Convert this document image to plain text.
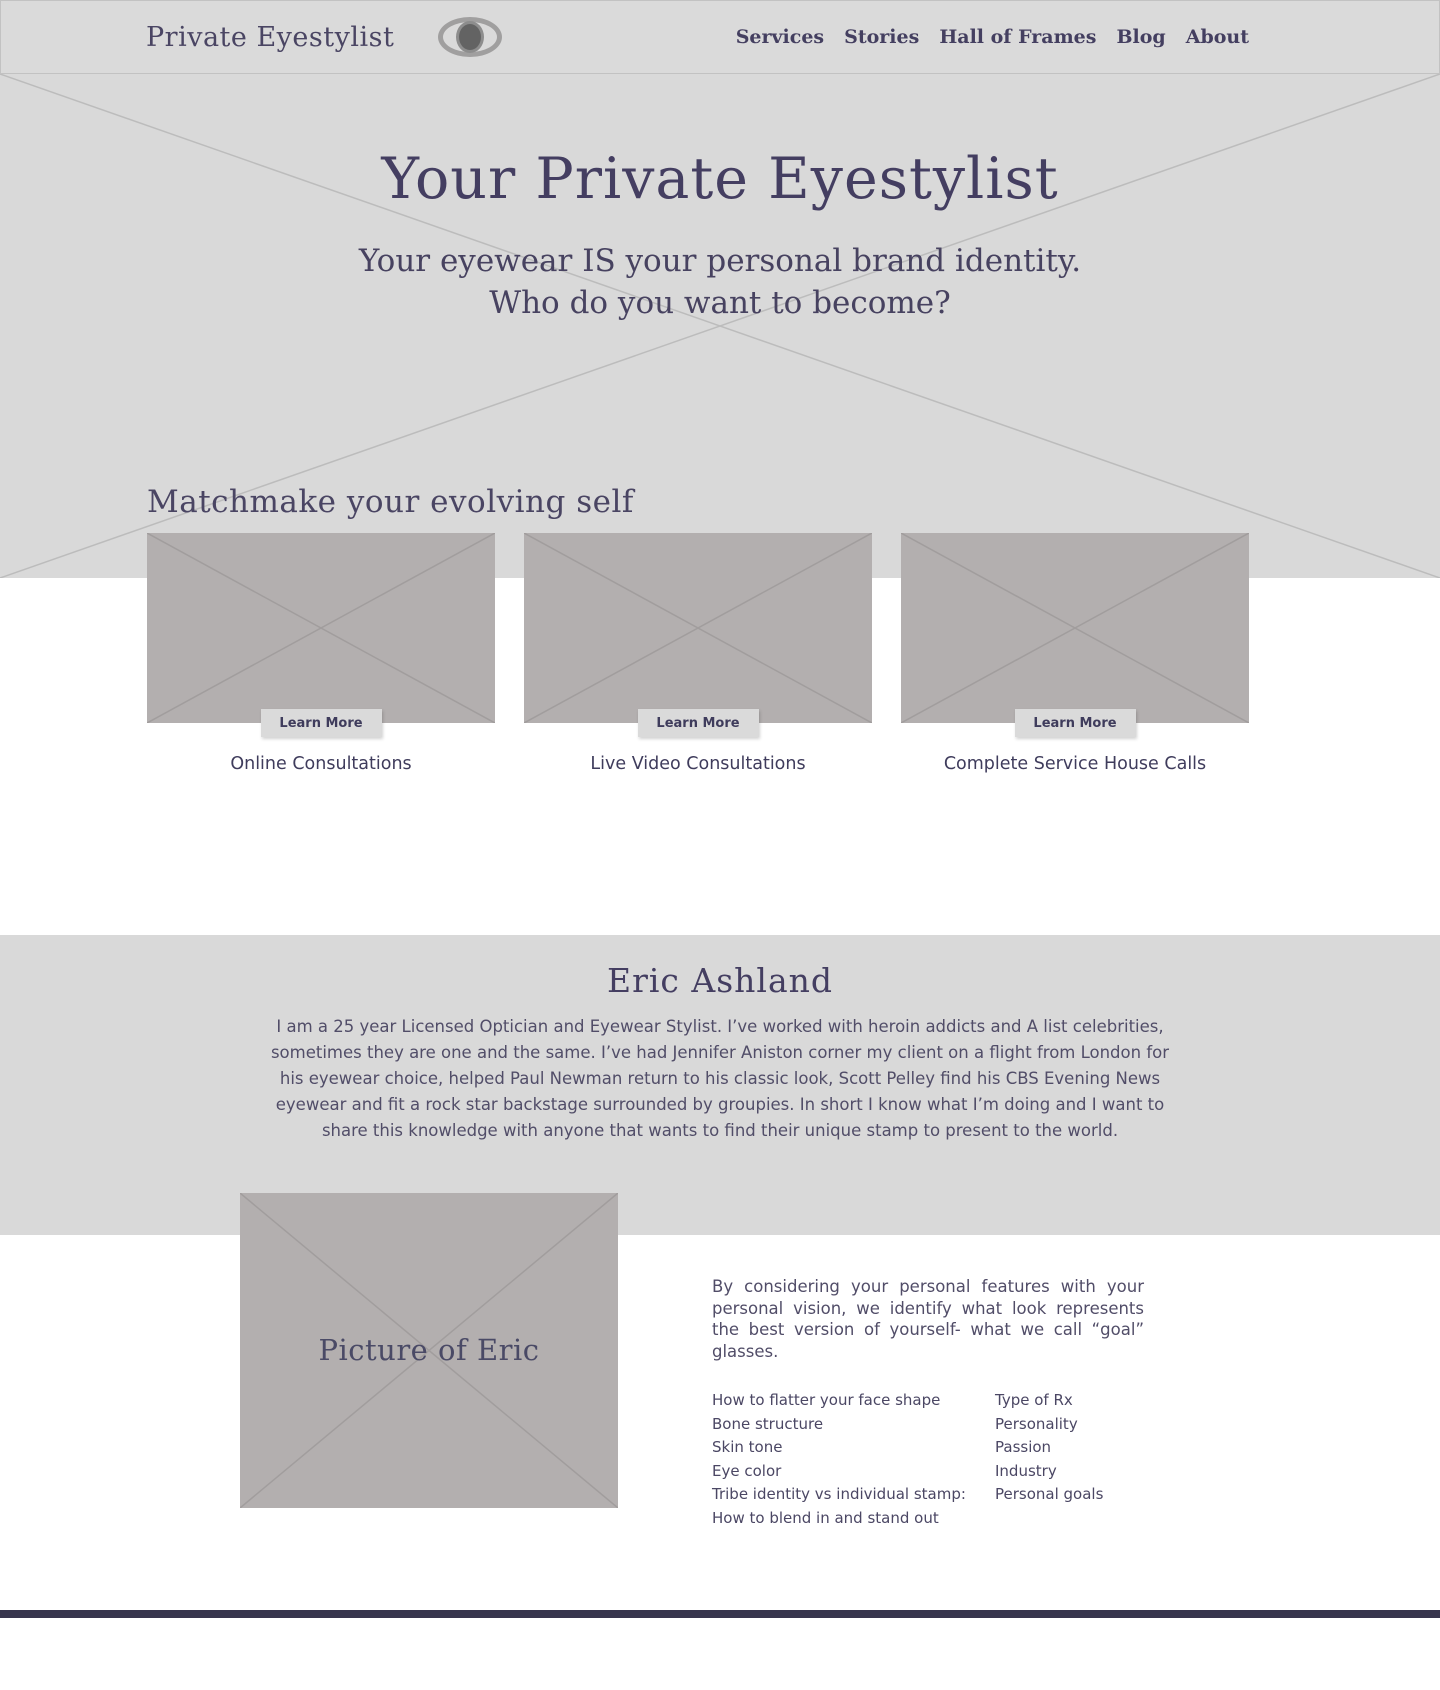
Private Eyestylist	Services Stories Hall of Frames Blog About
Your Private Eyestylist

Your eyewear IS your personal brand identity.
Who do you want to become?

Matchmake your evolving self
Learn More
Online Consultations
Learn More
Live Video Consultations
Learn More
Complete Service House Calls
Eric Ashland

I am a 25 year Licensed Optician and Eyewear Stylist. I’ve worked with heroin addicts and A list celebrities, sometimes they are one and the same. I’ve had Jennifer Aniston corner my client on a flight from London for his eyewear choice, helped Paul Newman return to his classic look, Scott Pelley find his CBS Evening News eyewear and fit a rock star backstage surrounded by groupies. In short I know what I’m doing and I want to share this knowledge with anyone that wants to find their unique stamp to present to the world.

Picture of Eric

By considering your personal features with your personal vision, we identify what look represents the best version of yourself- what we call “goal” glasses.

How to flatter your face shape
Bone structure
Skin tone
Eye color
Tribe identity vs individual stamp:
How to blend in and stand out
Type of Rx
Personality
Passion
Industry
Personal goals
